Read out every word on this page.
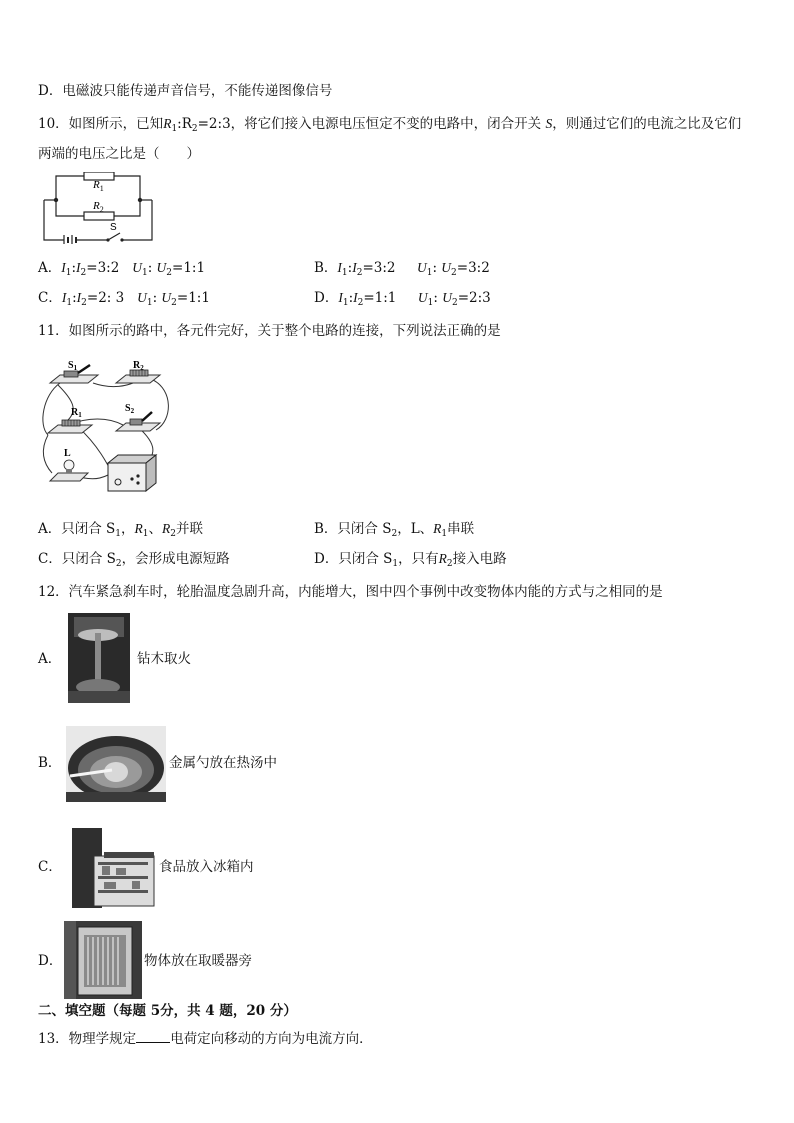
D．电磁波只能传递声音信号，不能传递图像信号
10．如图所示，已知$R_1:R_2=2:3$，将它们接入电源电压恒定不变的电路中，闭合开关 S，则通过它们的电流之比及它们
两端的电压之比是（　　）
$R_1$
$R_2$
S
A．$I_1:I_2=3:2$ $U_1$: $U_2=1:1$	B．$I_1:I_2=3:2$ $U_1$: $U_2=3:2$
C．$I_1:I_2=2$: 3 $U_1$: $U_2=1:1$	D．$I_1:I_2=1:1$ $U_1$: $U_2=2:3$
11．如图所示的路中，各元件完好，关于整个电路的连接，下列说法正确的是
$S_1$	$R_2$
$R_1$
$S_2$
L
A．只闭合 $S_1$，$R_1$、$R_2$并联	B．只闭合 $S_2$，L、$R_1$串联
C．只闭合 $S_2$，会形成电源短路	D．只闭合 $S_1$，只有$R_2$接入电路
12．汽车紧急刹车时，轮胎温度急剧升高，内能增大，图中四个事例中改变物体内能的方式与之相同的是
A．	钻木取火
B．	金属勺放在热汤中
C．	食品放入冰箱内
D．	物体放在取暖器旁
二、填空题（每题 5分，共 4 题，20 分）
13．物理学规定	电荷定向移动的方向为电流方向．
